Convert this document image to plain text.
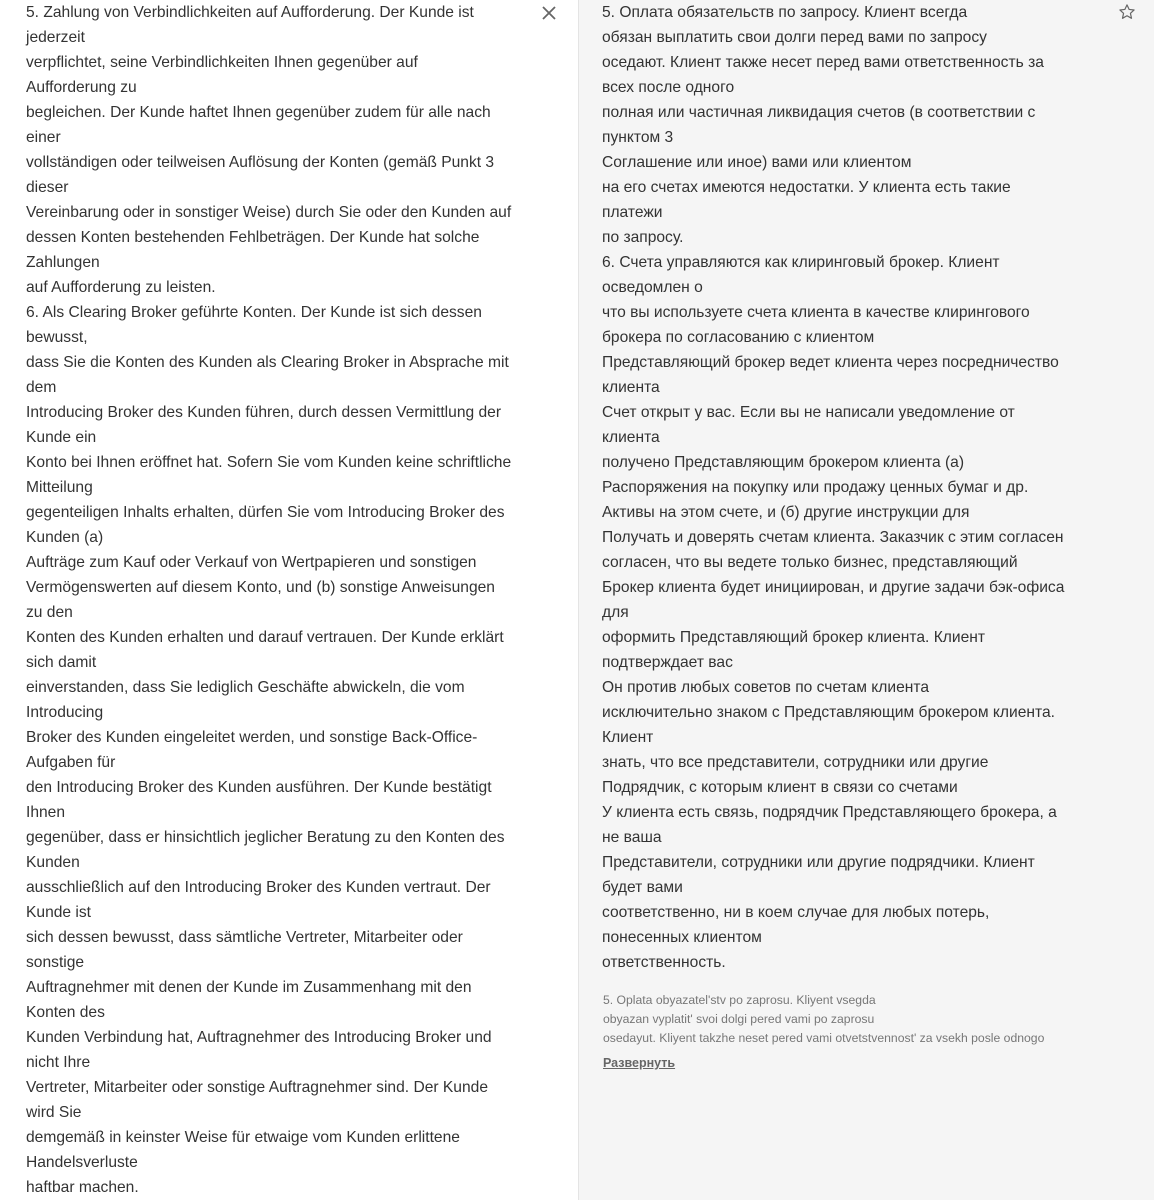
5. Zahlung von Verbindlichkeiten auf Aufforderung. Der Kunde ist
jederzeit
verpflichtet, seine Verbindlichkeiten Ihnen gegenüber auf
Aufforderung zu
begleichen. Der Kunde haftet Ihnen gegenüber zudem für alle nach
einer
vollständigen oder teilweisen Auflösung der Konten (gemäß Punkt 3
dieser
Vereinbarung oder in sonstiger Weise) durch Sie oder den Kunden auf
dessen Konten bestehenden Fehlbeträgen. Der Kunde hat solche
Zahlungen
auf Aufforderung zu leisten.
6. Als Clearing Broker geführte Konten. Der Kunde ist sich dessen
bewusst,
dass Sie die Konten des Kunden als Clearing Broker in Absprache mit
dem
Introducing Broker des Kunden führen, durch dessen Vermittlung der
Kunde ein
Konto bei Ihnen eröffnet hat. Sofern Sie vom Kunden keine schriftliche
Mitteilung
gegenteiligen Inhalts erhalten, dürfen Sie vom Introducing Broker des
Kunden (a)
Aufträge zum Kauf oder Verkauf von Wertpapieren und sonstigen
Vermögenswerten auf diesem Konto, und (b) sonstige Anweisungen
zu den
Konten des Kunden erhalten und darauf vertrauen. Der Kunde erklärt
sich damit
einverstanden, dass Sie lediglich Geschäfte abwickeln, die vom
Introducing
Broker des Kunden eingeleitet werden, und sonstige Back-Office-
Aufgaben für
den Introducing Broker des Kunden ausführen. Der Kunde bestätigt
Ihnen
gegenüber, dass er hinsichtlich jeglicher Beratung zu den Konten des
Kunden
ausschließlich auf den Introducing Broker des Kunden vertraut. Der
Kunde ist
sich dessen bewusst, dass sämtliche Vertreter, Mitarbeiter oder
sonstige
Auftragnehmer mit denen der Kunde im Zusammenhang mit den
Konten des
Kunden Verbindung hat, Auftragnehmer des Introducing Broker und
nicht Ihre
Vertreter, Mitarbeiter oder sonstige Auftragnehmer sind. Der Kunde
wird Sie
demgemäß in keinster Weise für etwaige vom Kunden erlittene
Handelsverluste
haftbar machen.
5. Оплата обязательств по запросу. Клиент всегда
обязан выплатить свои долги перед вами по запросу
оседают. Клиент также несет перед вами ответственность за
всех после одного
полная или частичная ликвидация счетов (в соответствии с
пунктом 3
Соглашение или иное) вами или клиентом
на его счетах имеются недостатки. У клиента есть такие
платежи
по запросу.
6. Счета управляются как клиринговый брокер. Клиент
осведомлен о
что вы используете счета клиента в качестве клирингового
брокера по согласованию с клиентом
Представляющий брокер ведет клиента через посредничество
клиента
Счет открыт у вас. Если вы не написали уведомление от
клиента
получено Представляющим брокером клиента (а)
Распоряжения на покупку или продажу ценных бумаг и др.
Активы на этом счете, и (б) другие инструкции для
Получать и доверять счетам клиента. Заказчик с этим согласен
согласен, что вы ведете только бизнес, представляющий
Брокер клиента будет инициирован, и другие задачи бэк-офиса
для
оформить Представляющий брокер клиента. Клиент
подтверждает вас
Он против любых советов по счетам клиента
исключительно знаком с Представляющим брокером клиента.
Клиент
знать, что все представители, сотрудники или другие
Подрядчик, с которым клиент в связи со счетами
У клиента есть связь, подрядчик Представляющего брокера, а
не ваша
Представители, сотрудники или другие подрядчики. Клиент
будет вами
соответственно, ни в коем случае для любых потерь,
понесенных клиентом
ответственность.
5. Oplata obyazatel'stv po zaprosu. Kliyent vsegda
obyazan vyplatit' svoi dolgi pered vami po zaprosu
osedayut. Kliyent takzhe neset pered vami otvetstvennost' za vsekh posle odnogo
Развернуть
